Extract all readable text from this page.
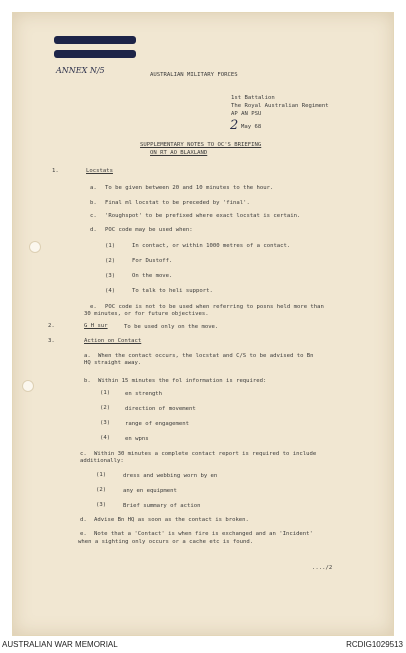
ANNEX N/5	AUSTRALIAN MILITARY FORCES
1st Battalion
The Royal Australian Regiment
AP AN PSU
2 May 68
SUPPLEMENTARY NOTES TO OC'S BRIEFING
ON RT AO BLAXLAND
1.	Locstats
a. To be given between 20 and 10 minutes to the hour.
b. Final ml locstat to be preceded by 'final'.
c. 'Roughspot' to be prefixed where exact locstat is certain.
d. POC code may be used when:
(1)	In contact, or within 1000 metres of a contact.
(2)	For Dustoff.
(3)	On the move.
(4)	To talk to heli support.
e. POC code is not to be used when referring to posns held more than
30 minutes, or for future objectives.
2.	G H sur	To be used only on the move.
3.	Action on Contact
a. When the contact occurs, the locstat and C/S to be advised to Bn
HQ straight away.
b. Within 15 minutes the fol information is required:
(1)	en strength
(2)	direction of movement
(3)	range of engagement
(4)	en wpns
c. Within 30 minutes a complete contact report is required to include
additionally:
(1)	dress and webbing worn by en
(2)	any en equipment
(3)	Brief summary of action
d. Advise Bn HQ as soon as the contact is broken.
e. Note that a 'Contact' is when fire is exchanged and an 'Incident'
when a sighting only occurs or a cache etc is found.
..../2
AUSTRALIAN WAR MEMORIAL	RCDIG1029513
